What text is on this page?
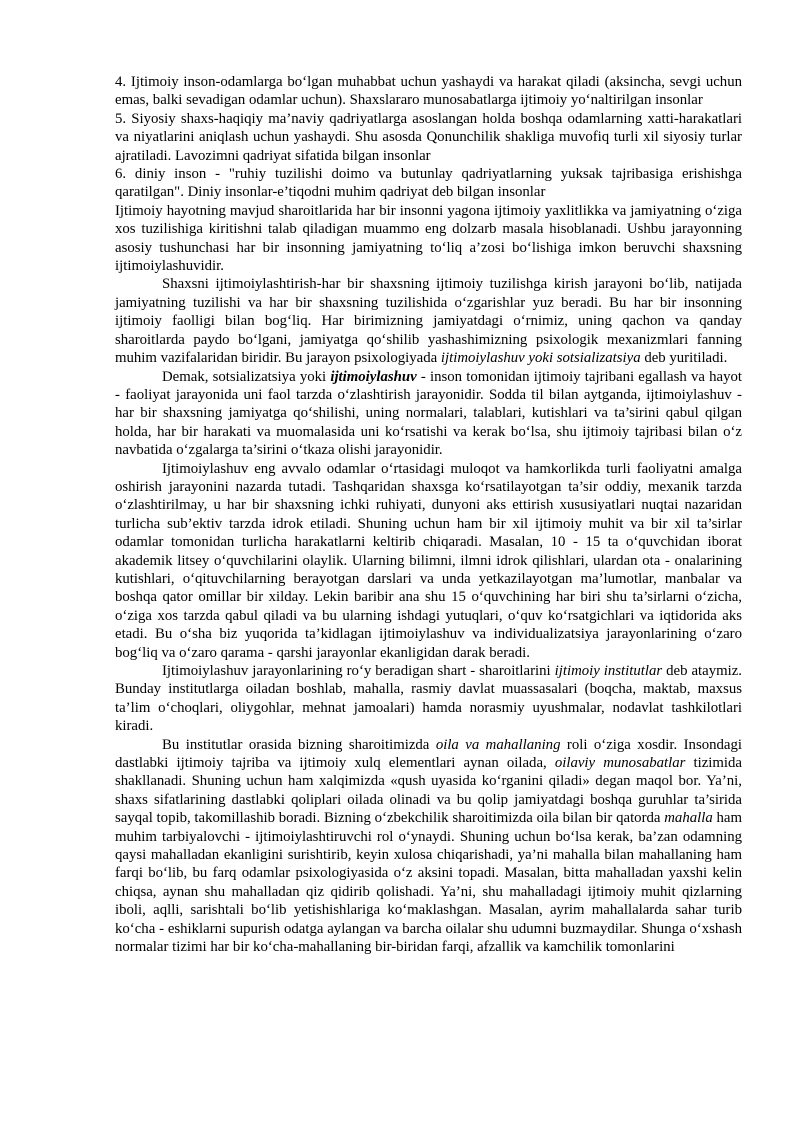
4. Ijtimoiy inson-odamlarga bo‘lgan muhabbat uchun yashaydi va harakat qiladi (aksincha, sevgi uchun emas, balki sevadigan odamlar uchun). Shaxslararo munosabatlarga ijtimoiy yo‘naltirilgan insonlar

5. Siyosiy shaxs-haqiqiy ma’naviy qadriyatlarga asoslangan holda boshqa odamlarning xatti-harakatlari va niyatlarini aniqlash uchun yashaydi. Shu asosda Qonunchilik shakliga muvofiq turli xil siyosiy turlar ajratiladi. Lavozimni qadriyat sifatida bilgan insonlar

6. diniy inson - "ruhiy tuzilishi doimo va butunlay qadriyatlarning yuksak tajribasiga erishishga qaratilgan". Diniy insonlar-e’tiqodni muhim qadriyat deb bilgan insonlar

Ijtimoiy hayotning mavjud sharoitlarida har bir insonni yagona ijtimoiy yaxlitlikka va jamiyatning o‘ziga xos tuzilishiga kiritishni talab qiladigan muammo eng dolzarb masala hisoblanadi. Ushbu jarayonning asosiy tushunchasi har bir insonning jamiyatning to‘liq a’zosi bo‘lishiga imkon beruvchi shaxsning ijtimoiylashuvidir.

Shaxsni ijtimoiylashtirish-har bir shaxsning ijtimoiy tuzilishga kirish jarayoni bo‘lib, natijada jamiyatning tuzilishi va har bir shaxsning tuzilishida o‘zgarishlar yuz beradi. Bu har bir insonning ijtimoiy faolligi bilan bog‘liq. Har birimizning jamiyatdagi o‘rnimiz, uning qachon va qanday sharoitlarda paydo bo‘lgani, jamiyatga qo‘shilib yashashimizning psixologik mexanizmlari fanning muhim vazifalaridan biridir. Bu jarayon psixologiyada ijtimoiylashuv yoki sotsializatsiya deb yuritiladi.

Demak, sotsializatsiya yoki ijtimoiylashuv - inson tomonidan ijtimoiy tajribani egallash va hayot - faoliyat jarayonida uni faol tarzda o‘zlashtirish jarayonidir. Sodda til bilan aytganda, ijtimoiylashuv - har bir shaxsning jamiyatga qo‘shilishi, uning normalari, talablari, kutishlari va ta’sirini qabul qilgan holda, har bir harakati va muomalasida uni ko‘rsatishi va kerak bo‘lsa, shu ijtimoiy tajribasi bilan o‘z navbatida o‘zgalarga ta’sirini o‘tkaza olishi jarayonidir.

Ijtimoiylashuv eng avvalo odamlar o‘rtasidagi muloqot va hamkorlikda turli faoliyatni amalga oshirish jarayonini nazarda tutadi. Tashqaridan shaxsga ko‘rsatilayotgan ta’sir oddiy, mexanik tarzda o‘zlashtirilmay, u har bir shaxsning ichki ruhiyati, dunyoni aks ettirish xususiyatlari nuqtai nazaridan turlicha sub’ektiv tarzda idrok etiladi. Shuning uchun ham bir xil ijtimoiy muhit va bir xil ta’sirlar odamlar tomonidan turlicha harakatlarni keltirib chiqaradi. Masalan, 10 - 15 ta o‘quvchidan iborat akademik litsey o‘quvchilarini olaylik. Ularning bilimni, ilmni idrok qilishlari, ulardan ota - onalarining kutishlari, o‘qituvchilarning berayotgan darslari va unda yetkazilayotgan ma’lumotlar, manbalar va boshqa qator omillar bir xilday. Lekin baribir ana shu 15 o‘quvchining har biri shu ta’sirlarni o‘zicha, o‘ziga xos tarzda qabul qiladi va bu ularning ishdagi yutuqlari, o‘quv ko‘rsatgichlari va iqtidorida aks etadi. Bu o‘sha biz yuqorida ta’kidlagan ijtimoiylashuv va individualizatsiya jarayonlarining o‘zaro bog‘liq va o‘zaro qarama - qarshi jarayonlar ekanligidan darak beradi.

Ijtimoiylashuv jarayonlarining ro‘y beradigan shart - sharoitlarini ijtimoiy institutlar deb ataymiz. Bunday institutlarga oiladan boshlab, mahalla, rasmiy davlat muassasalari (boqcha, maktab, maxsus ta’lim o‘choqlari, oliygohlar, mehnat jamoalari) hamda norasmiy uyushmalar, nodavlat tashkilotlari kiradi.

Bu institutlar orasida bizning sharoitimizda oila va mahallaning roli o‘ziga xosdir. Insondagi dastlabki ijtimoiy tajriba va ijtimoiy xulq elementlari aynan oilada, oilaviy munosabatlar tizimida shakllanadi. Shuning uchun ham xalqimizda «qush uyasida ko‘rganini qiladi» degan maqol bor. Ya’ni, shaxs sifatlarining dastlabki qoliplari oilada olinadi va bu qolip jamiyatdagi boshqa guruhlar ta’sirida sayqal topib, takomillashib boradi. Bizning o‘zbekchilik sharoitimizda oila bilan bir qatorda mahalla ham muhim tarbiyalovchi - ijtimoiylashtiruvchi rol o‘ynaydi. Shuning uchun bo‘lsa kerak, ba’zan odamning qaysi mahalladan ekanligini surishtirib, keyin xulosa chiqarishadi, ya’ni mahalla bilan mahallaning ham farqi bo‘lib, bu farq odamlar psixologiyasida o‘z aksini topadi. Masalan, bitta mahalladan yaxshi kelin chiqsa, aynan shu mahalladan qiz qidirib qolishadi. Ya’ni, shu mahalladagi ijtimoiy muhit qizlarning iboli, aqlli, sarishtali bo‘lib yetishishlariga ko‘maklashgan. Masalan, ayrim mahallalarda sahar turib ko‘cha - eshiklarni supurish odatga aylangan va barcha oilalar shu udumni buzmaydilar. Shunga o‘xshash normalar tizimi har bir ko‘cha-mahallaning bir-biridan farqi, afzallik va kamchilik tomonlarini
